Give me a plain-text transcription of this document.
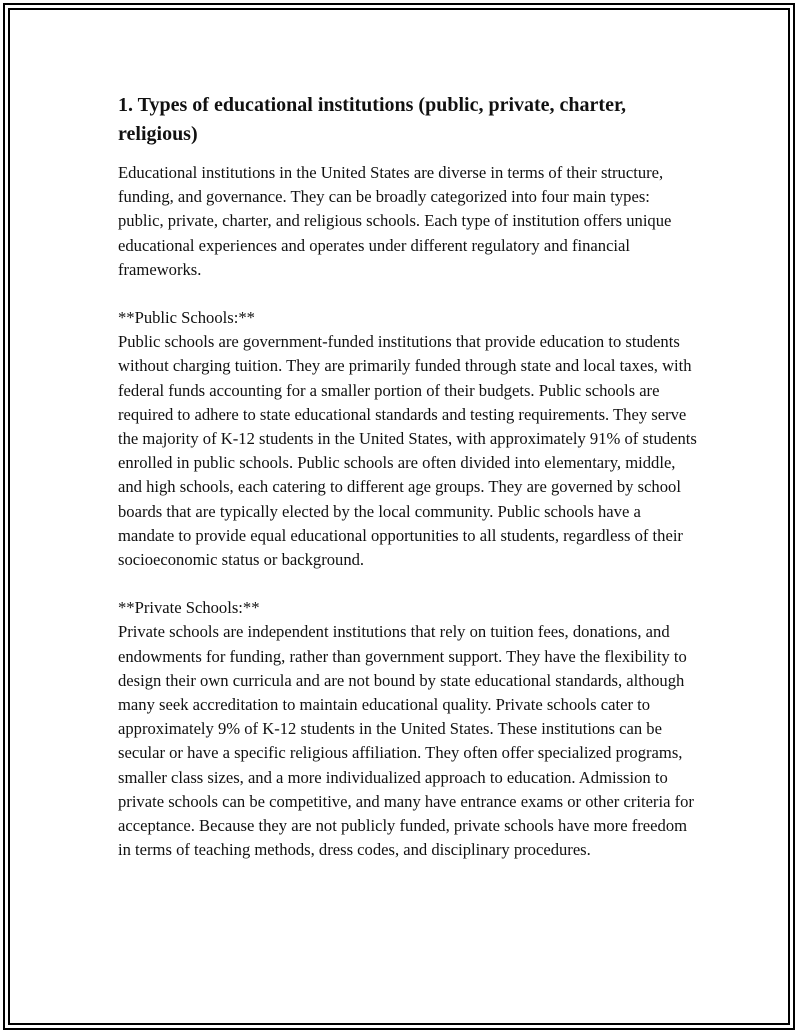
1. Types of educational institutions (public, private, charter, religious)

Educational institutions in the United States are diverse in terms of their structure, funding, and governance. They can be broadly categorized into four main types: public, private, charter, and religious schools. Each type of institution offers unique educational experiences and operates under different regulatory and financial frameworks.

**Public Schools:**
Public schools are government-funded institutions that provide education to students without charging tuition. They are primarily funded through state and local taxes, with federal funds accounting for a smaller portion of their budgets. Public schools are required to adhere to state educational standards and testing requirements. They serve the majority of K-12 students in the United States, with approximately 91% of students enrolled in public schools. Public schools are often divided into elementary, middle, and high schools, each catering to different age groups. They are governed by school boards that are typically elected by the local community. Public schools have a mandate to provide equal educational opportunities to all students, regardless of their socioeconomic status or background.

**Private Schools:**
Private schools are independent institutions that rely on tuition fees, donations, and endowments for funding, rather than government support. They have the flexibility to design their own curricula and are not bound by state educational standards, although many seek accreditation to maintain educational quality. Private schools cater to approximately 9% of K-12 students in the United States. These institutions can be secular or have a specific religious affiliation. They often offer specialized programs, smaller class sizes, and a more individualized approach to education. Admission to private schools can be competitive, and many have entrance exams or other criteria for acceptance. Because they are not publicly funded, private schools have more freedom in terms of teaching methods, dress codes, and disciplinary procedures.
